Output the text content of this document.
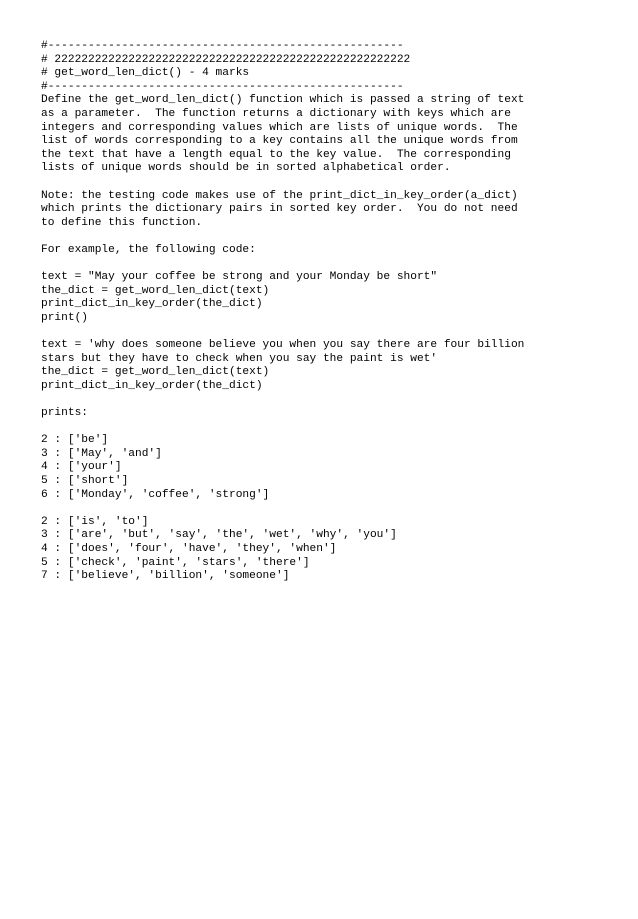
#-----------------------------------------------------
# 22222222222222222222222222222222222222222222222222222
# get_word_len_dict() - 4 marks
#-----------------------------------------------------
Define the get_word_len_dict() function which is passed a string of text
as a parameter.  The function returns a dictionary with keys which are
integers and corresponding values which are lists of unique words.  The
list of words corresponding to a key contains all the unique words from
the text that have a length equal to the key value.  The corresponding
lists of unique words should be in sorted alphabetical order.
Note: the testing code makes use of the print_dict_in_key_order(a_dict)
which prints the dictionary pairs in sorted key order.  You do not need
to define this function.
For example, the following code:
text = "May your coffee be strong and your Monday be short"
the_dict = get_word_len_dict(text)
print_dict_in_key_order(the_dict)
print()
text = 'why does someone believe you when you say there are four billion
stars but they have to check when you say the paint is wet'
the_dict = get_word_len_dict(text)
print_dict_in_key_order(the_dict)
prints:
2 : ['be']
3 : ['May', 'and']
4 : ['your']
5 : ['short']
6 : ['Monday', 'coffee', 'strong']
2 : ['is', 'to']
3 : ['are', 'but', 'say', 'the', 'wet', 'why', 'you']
4 : ['does', 'four', 'have', 'they', 'when']
5 : ['check', 'paint', 'stars', 'there']
7 : ['believe', 'billion', 'someone']
